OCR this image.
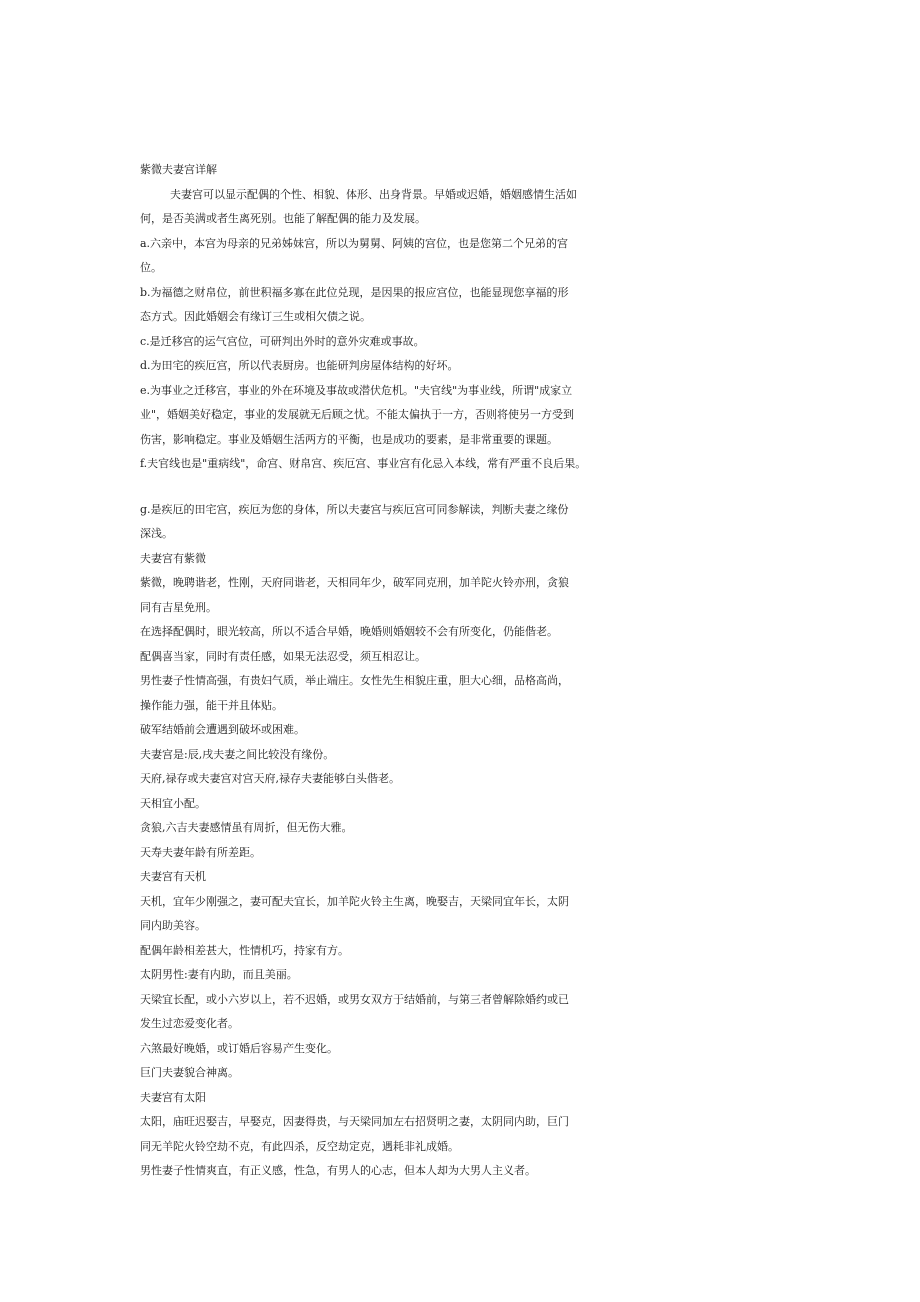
紫微夫妻宫详解
夫妻宫可以显示配偶的个性、相貌、体形、出身背景。早婚或迟婚，婚姻感情生活如
何，是否美满或者生离死别。也能了解配偶的能力及发展。
a.六亲中，本宫为母亲的兄弟姊妹宫，所以为舅舅、阿姨的宫位，也是您第二个兄弟的宫
位。
b.为福德之财帛位，前世积福多寡在此位兑现，是因果的报应宫位，也能显现您享福的形
态方式。因此婚姻会有缘订三生或相欠债之说。
c.是迁移宫的运气宫位，可研判出外时的意外灾难或事故。
d.为田宅的疾厄宫，所以代表厨房。也能研判房屋体结构的好坏。
e.为事业之迁移宫，事业的外在环境及事故或潜伏危机。"夫官线"为事业线，所谓"成家立
业"，婚姻美好稳定，事业的发展就无后顾之忧。不能太偏执于一方，否则将使另一方受到
伤害，影响稳定。事业及婚姻生活两方的平衡，也是成功的要素，是非常重要的课题。
f.夫官线也是"重病线"，命宫、财帛宫、疾厄宫、事业宫有化忌入本线，常有严重不良后果。
g.是疾厄的田宅宫，疾厄为您的身体，所以夫妻宫与疾厄宫可同参解读，判断夫妻之缘份
深浅。
夫妻宫有紫微
紫微，晚聘谐老，性刚，天府同谐老，天相同年少，破军同克刑，加羊陀火铃亦刑，贪狼
同有吉星免刑。
在选择配偶时，眼光较高，所以不适合早婚，晚婚则婚姻较不会有所变化，仍能偕老。
配偶喜当家，同时有责任感，如果无法忍受，须互相忍让。
男性妻子性情高强，有贵妇气质，举止端庄。女性先生相貌庄重，胆大心细，品格高尚，
操作能力强，能干并且体贴。
破军结婚前会遭遇到破坏或困难。
夫妻宫是:辰,戌夫妻之间比较没有缘份。
天府,禄存或夫妻宫对宫天府,禄存夫妻能够白头偕老。
天相宜小配。
贪狼,六吉夫妻感情虽有周折，但无伤大雅。
天寿夫妻年龄有所差距。
夫妻宫有天机
天机，宜年少刚强之，妻可配夫宜长，加羊陀火铃主生离，晚娶吉，天梁同宜年长，太阴
同内助美容。
配偶年龄相差甚大，性情机巧，持家有方。
太阴男性:妻有内助，而且美丽。
天梁宜长配，或小六岁以上，若不迟婚，或男女双方于结婚前，与第三者曾解除婚约或已
发生过恋爱变化者。
六煞最好晚婚，或订婚后容易产生变化。
巨门夫妻貌合神离。
夫妻宫有太阳
太阳，庙旺迟娶吉，早娶克，因妻得贵，与天梁同加左右招贤明之妻，太阴同内助，巨门
同无羊陀火铃空劫不克，有此四杀，反空劫定克，遇耗非礼成婚。
男性妻子性情爽直，有正义感，性急，有男人的心志，但本人却为大男人主义者。
